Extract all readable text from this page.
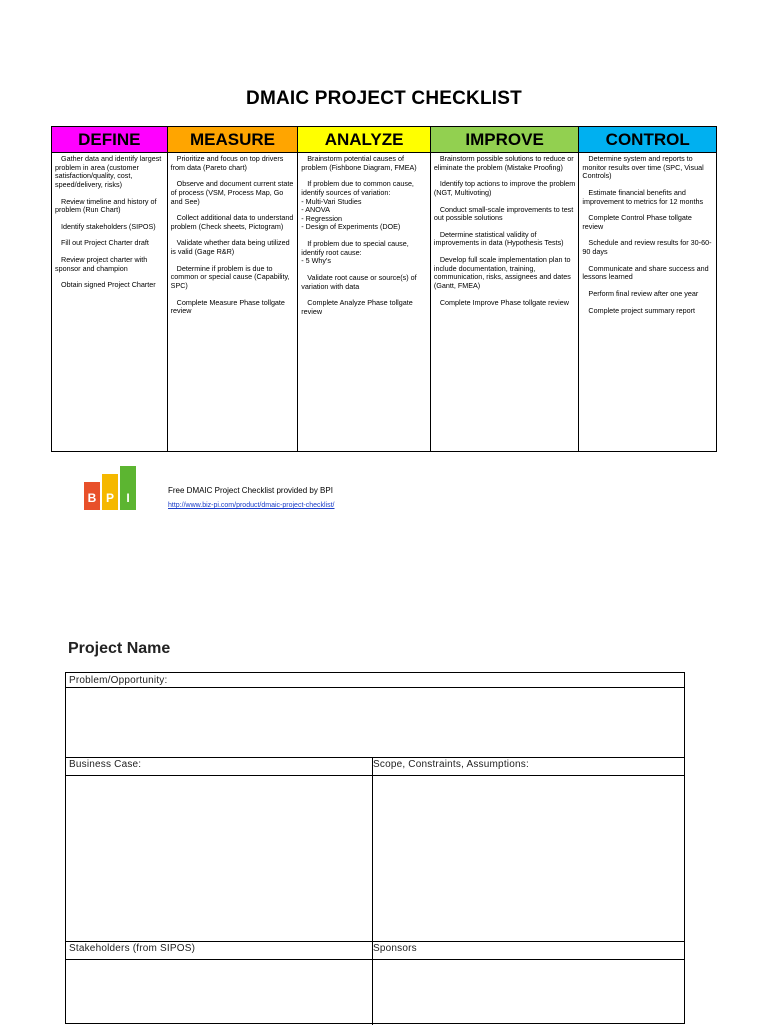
DMAIC PROJECT CHECKLIST
DEFINE
Gather data and identify largest problem in area (customer satisfaction/quality, cost, speed/delivery, risks)
Review timeline and history of problem (Run Chart)
Identify stakeholders (SIPOS)
Fill out Project Charter draft
Review project charter with sponsor and champion
Obtain signed Project Charter
MEASURE
Prioritize and focus on top drivers from data (Pareto chart)
Observe and document current state of process (VSM, Process Map, Go and See)
Collect additional data to understand problem (Check sheets, Pictogram)
Validate whether data being utilized is valid (Gage R&R)
Determine if problem is due to common or special cause (Capability, SPC)
Complete Measure Phase tollgate review
ANALYZE
Brainstorm potential causes of problem (Fishbone Diagram, FMEA)
If problem due to common cause, identify sources of variation:
- Multi-Vari Studies
- ANOVA
- Regression
- Design of Experiments (DOE)
If problem due to special cause, identify root cause:
- 5 Why's
Validate root cause or source(s) of variation with data
Complete Analyze Phase tollgate review
IMPROVE
Brainstorm possible solutions to reduce or eliminate the problem (Mistake Proofing)
Identify top actions to improve the problem (NGT, Multivoting)
Conduct small-scale improvements to test out possible solutions
Determine statistical validity of improvements in data (Hypothesis Tests)
Develop full scale implementation plan to include documentation, training, communication, risks, assignees and dates (Gantt, FMEA)
Complete Improve Phase tollgate review
CONTROL
Determine system and reports to monitor results over time (SPC, Visual Controls)
Estimate financial benefits and improvement to metrics for 12 months
Complete Control Phase tollgate review
Schedule and review results for 30-60-90 days
Communicate and share success and lessons learned
Perform final review after one year
Complete project summary report
B P I
Free DMAIC Project Checklist provided by BPI
http://www.biz-pi.com/product/dmaic-project-checklist/
Project Name
Problem/Opportunity:
Business Case:	Scope, Constraints, Assumptions:
Stakeholders (from SIPOS)	Sponsors
